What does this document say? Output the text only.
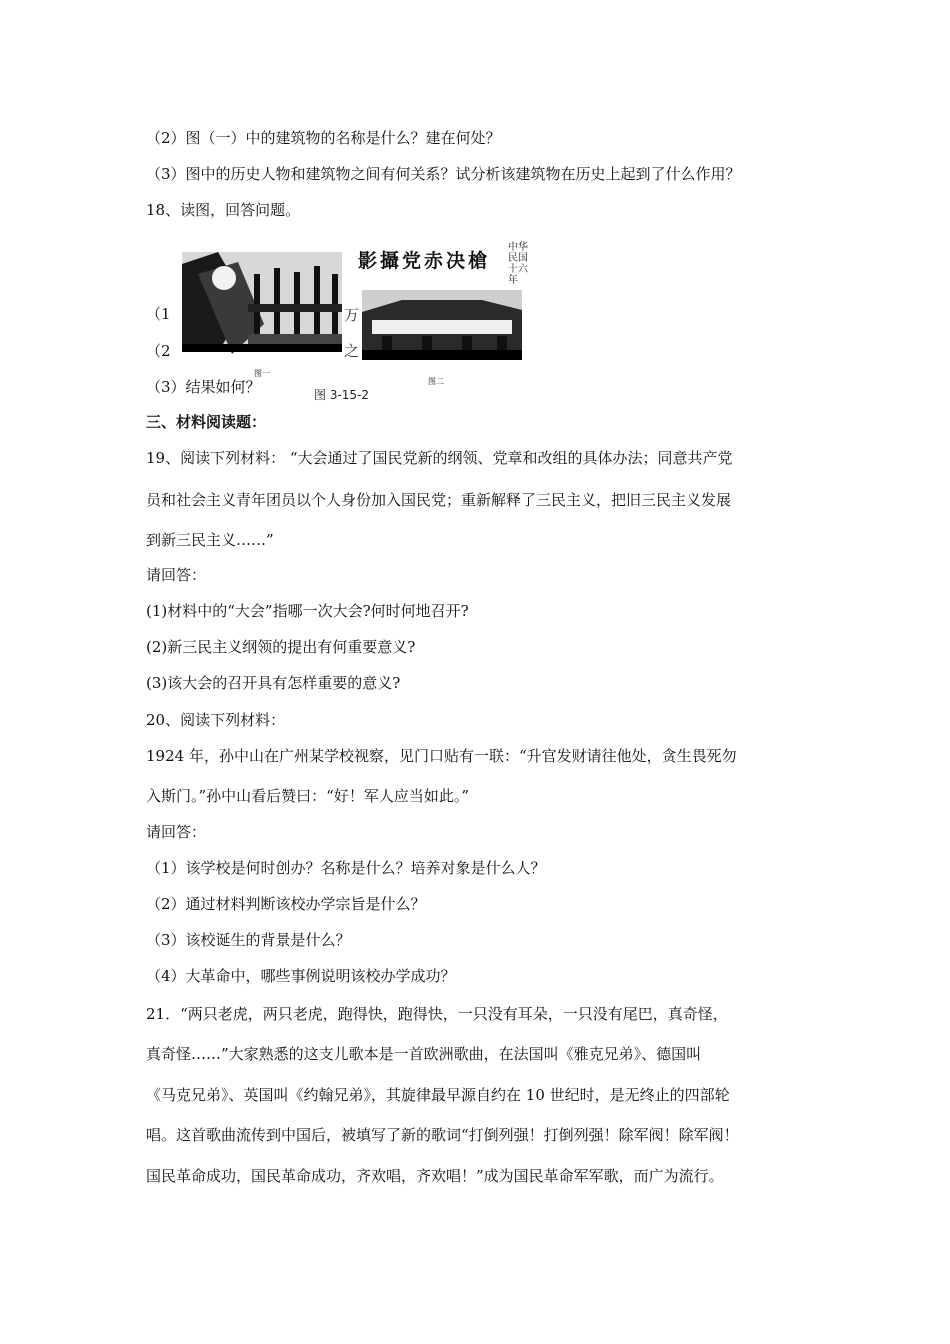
（2）图（一）中的建筑物的名称是什么？建在何处？
（3）图中的历史人物和建筑物之间有何关系？试分析该建筑物在历史上起到了什么作用？
18、读图，回答问题。
（1
（2
（3）结果如何？
图一
影攝党赤决槍
中华民国十六年
图二
万
之
图 3-15-2
三、材料阅读题：
19、阅读下列材料： “大会通过了国民党新的纲领、党章和改组的具体办法；同意共产党
员和社会主义青年团员以个人身份加入国民党；重新解释了三民主义，把旧三民主义发展
到新三民主义……”
请回答：
(1)材料中的“大会”指哪一次大会?何时何地召开?
(2)新三民主义纲领的提出有何重要意义?
(3)该大会的召开具有怎样重要的意义?
20、阅读下列材料：
1924 年，孙中山在广州某学校视察，见门口贴有一联：“升官发财请往他处，贪生畏死勿
入斯门。”孙中山看后赞曰：“好！军人应当如此。”
请回答：
（1）该学校是何时创办？名称是什么？培养对象是什么人？
（2）通过材料判断该校办学宗旨是什么？
（3）该校诞生的背景是什么？
（4）大革命中，哪些事例说明该校办学成功？
21．“两只老虎，两只老虎，跑得快，跑得快，一只没有耳朵，一只没有尾巴，真奇怪，
真奇怪……”大家熟悉的这支儿歌本是一首欧洲歌曲，在法国叫《雅克兄弟》、德国叫
《马克兄弟》、英国叫《约翰兄弟》，其旋律最早源自约在 10 世纪时，是无终止的四部轮
唱。这首歌曲流传到中国后，被填写了新的歌词“打倒列强！打倒列强！除军阀！除军阀！
国民革命成功，国民革命成功，齐欢唱，齐欢唱！”成为国民革命军军歌，而广为流行。
